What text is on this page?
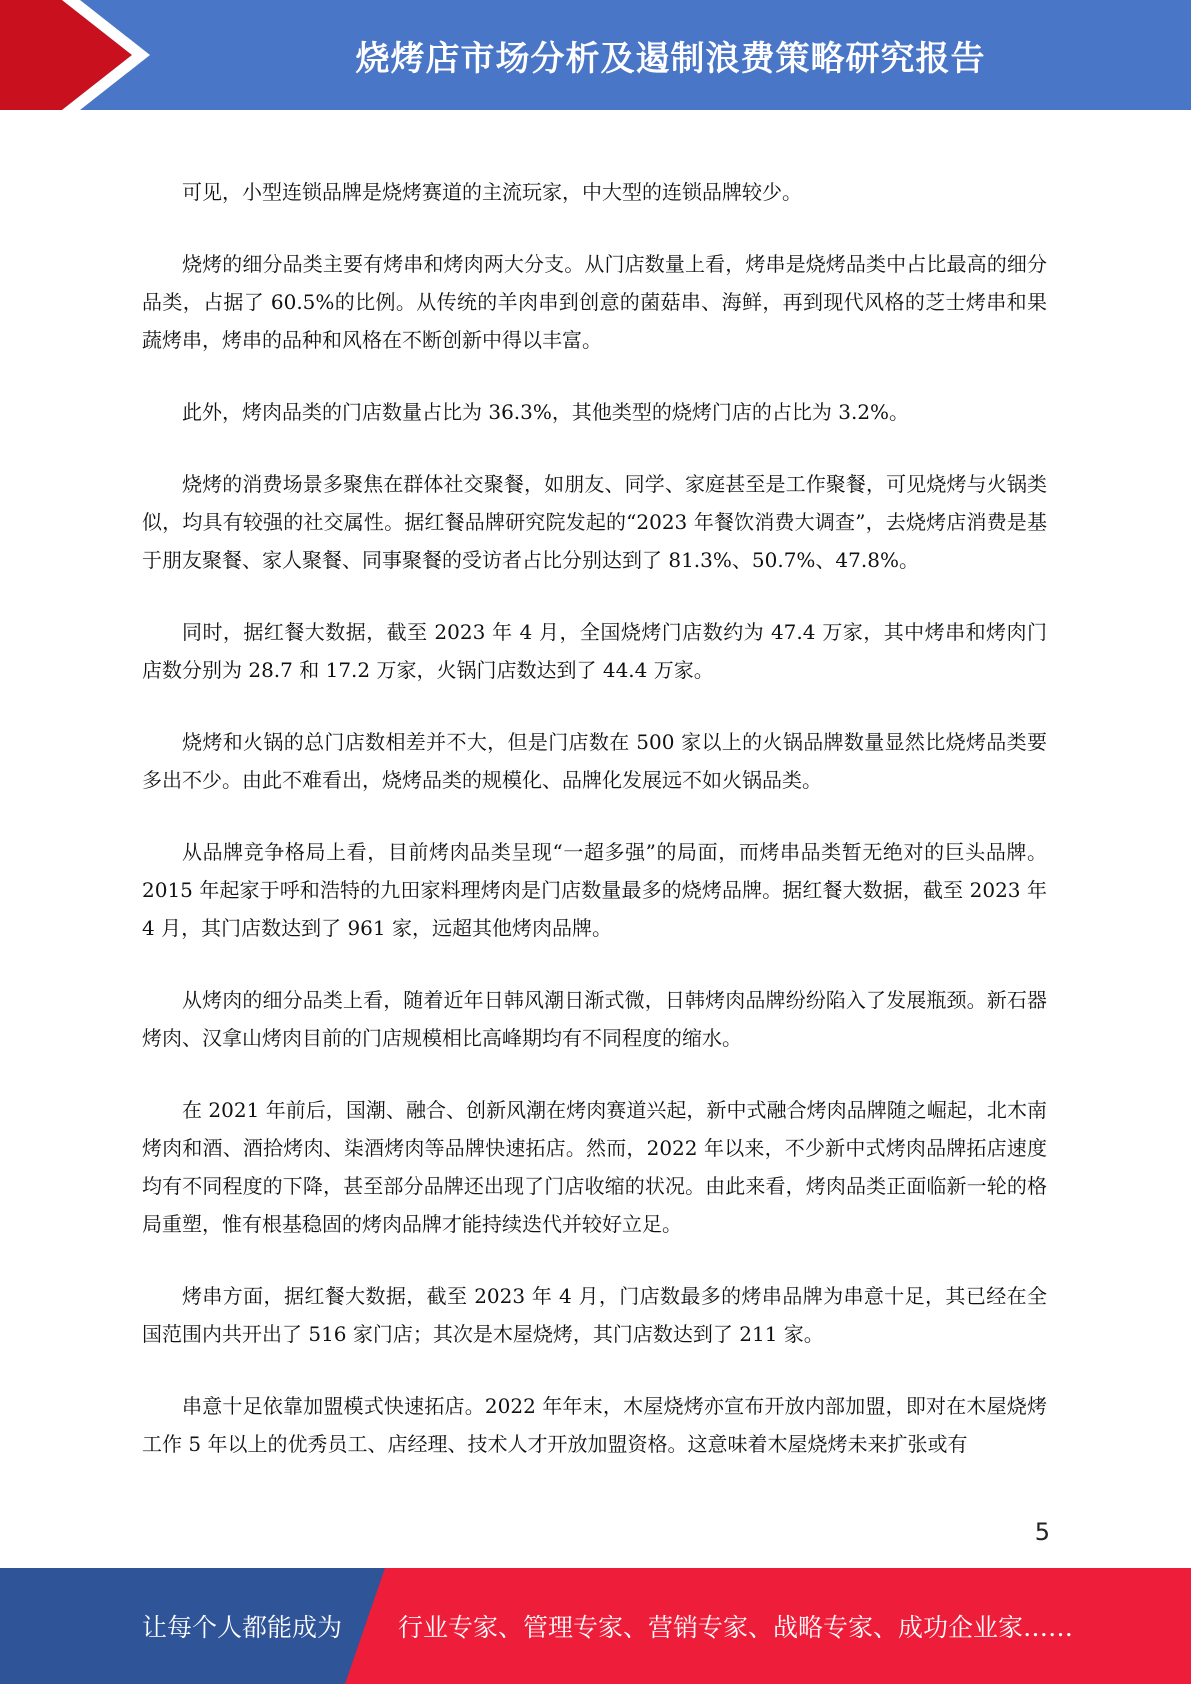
烧烤店市场分析及遏制浪费策略研究报告

可见，小型连锁品牌是烧烤赛道的主流玩家，中大型的连锁品牌较少。

烧烤的细分品类主要有烤串和烤肉两大分支。从门店数量上看，烤串是烧烤品类中占比最高的细分品类，占据了 60.5%的比例。从传统的羊肉串到创意的菌菇串、海鲜，再到现代风格的芝士烤串和果蔬烤串，烤串的品种和风格在不断创新中得以丰富。

此外，烤肉品类的门店数量占比为 36.3%，其他类型的烧烤门店的占比为 3.2%。

烧烤的消费场景多聚焦在群体社交聚餐，如朋友、同学、家庭甚至是工作聚餐，可见烧烤与火锅类似，均具有较强的社交属性。据红餐品牌研究院发起的“2023 年餐饮消费大调查”，去烧烤店消费是基于朋友聚餐、家人聚餐、同事聚餐的受访者占比分别达到了 81.3%、50.7%、47.8%。

同时，据红餐大数据，截至 2023 年 4 月，全国烧烤门店数约为 47.4 万家，其中烤串和烤肉门店数分别为 28.7 和 17.2 万家，火锅门店数达到了 44.4 万家。

烧烤和火锅的总门店数相差并不大，但是门店数在 500 家以上的火锅品牌数量显然比烧烤品类要多出不少。由此不难看出，烧烤品类的规模化、品牌化发展远不如火锅品类。

从品牌竞争格局上看，目前烤肉品类呈现“一超多强”的局面，而烤串品类暂无绝对的巨头品牌。2015 年起家于呼和浩特的九田家料理烤肉是门店数量最多的烧烤品牌。据红餐大数据，截至 2023 年 4 月，其门店数达到了 961 家，远超其他烤肉品牌。

从烤肉的细分品类上看，随着近年日韩风潮日渐式微，日韩烤肉品牌纷纷陷入了发展瓶颈。新石器烤肉、汉拿山烤肉目前的门店规模相比高峰期均有不同程度的缩水。

在 2021 年前后，国潮、融合、创新风潮在烤肉赛道兴起，新中式融合烤肉品牌随之崛起，北木南烤肉和酒、酒拾烤肉、柒酒烤肉等品牌快速拓店。然而，2022 年以来，不少新中式烤肉品牌拓店速度均有不同程度的下降，甚至部分品牌还出现了门店收缩的状况。由此来看，烤肉品类正面临新一轮的格局重塑，惟有根基稳固的烤肉品牌才能持续迭代并较好立足。

烤串方面，据红餐大数据，截至 2023 年 4 月，门店数最多的烤串品牌为串意十足，其已经在全国范围内共开出了 516 家门店；其次是木屋烧烤，其门店数达到了 211 家。

串意十足依靠加盟模式快速拓店。2022 年年末，木屋烧烤亦宣布开放内部加盟，即对在木屋烧烤工作 5 年以上的优秀员工、店经理、技术人才开放加盟资格。这意味着木屋烧烤未来扩张或有

5
让每个人都能成为 行业专家、管理专家、营销专家、战略专家、成功企业家……
